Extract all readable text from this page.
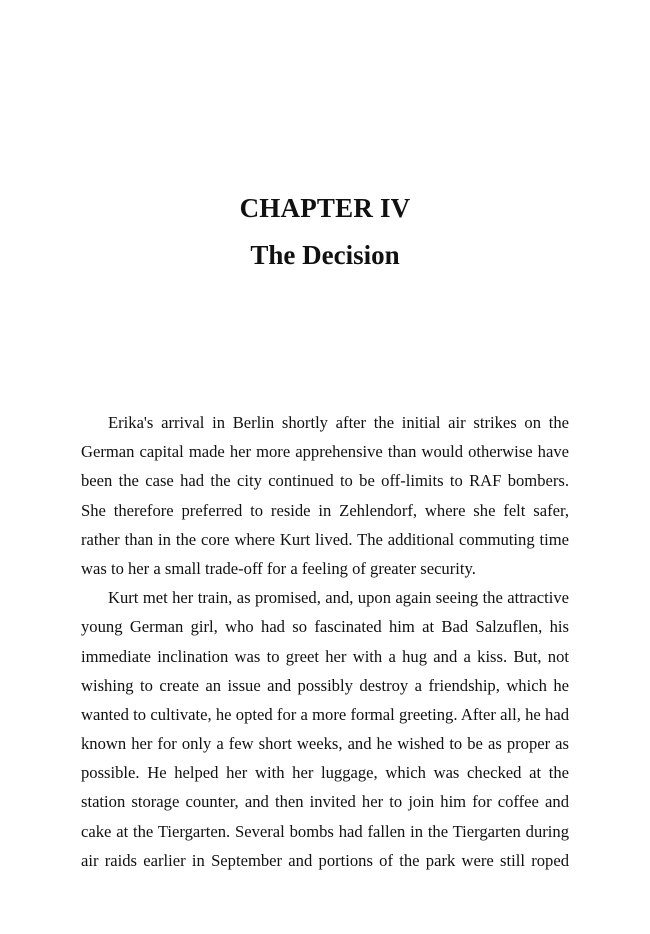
CHAPTER IV
The Decision
Erika's arrival in Berlin shortly after the initial air strikes on the
German capital made her more apprehensive than would otherwise have
been the case had the city continued to be off-limits to RAF bombers.
She therefore preferred to reside in Zehlendorf, where she felt safer,
rather than in the core where Kurt lived. The additional commuting time
was to her a small trade-off for a feeling of greater security.
Kurt met her train, as promised, and, upon again seeing the attractive
young German girl, who had so fascinated him at Bad Salzuflen, his
immediate inclination was to greet her with a hug and a kiss. But, not
wishing to create an issue and possibly destroy a friendship, which he
wanted to cultivate, he opted for a more formal greeting. After all, he had
known her for only a few short weeks, and he wished to be as proper as
possible. He helped her with her luggage, which was checked at the
station storage counter, and then invited her to join him for coffee and
cake at the Tiergarten. Several bombs had fallen in the Tiergarten during
air raids earlier in September and portions of the park were still roped
